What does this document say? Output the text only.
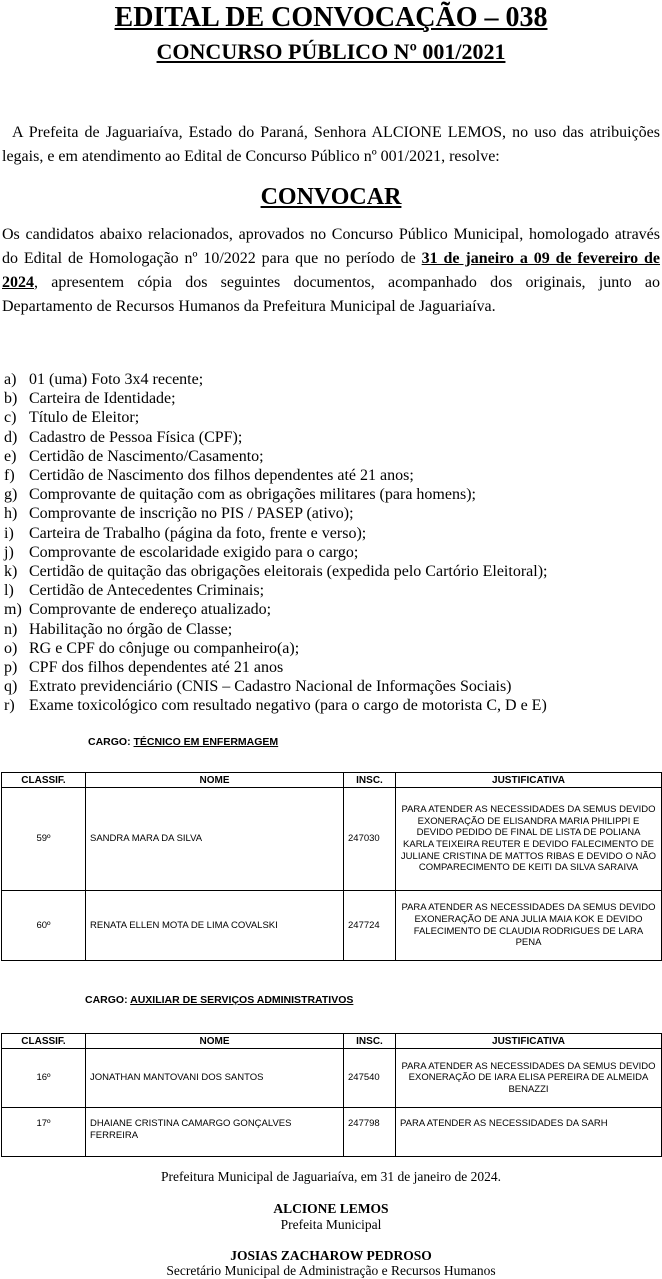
EDITAL DE CONVOCAÇÃO – 038
CONCURSO PÚBLICO Nº 001/2021

A Prefeita de Jaguariaíva, Estado do Paraná, Senhora ALCIONE LEMOS, no uso das atribuições legais, e em atendimento ao Edital de Concurso Público nº 001/2021, resolve:

CONVOCAR

Os candidatos abaixo relacionados, aprovados no Concurso Público Municipal, homologado através do Edital de Homologação nº 10/2022 para que no período de 31 de janeiro a 09 de fevereiro de 2024, apresentem cópia dos seguintes documentos, acompanhado dos originais, junto ao Departamento de Recursos Humanos da Prefeitura Municipal de Jaguariaíva.

a) 01 (uma) Foto 3x4 recente;
b) Carteira de Identidade;
c) Título de Eleitor;
d) Cadastro de Pessoa Física (CPF);
e) Certidão de Nascimento/Casamento;
f) Certidão de Nascimento dos filhos dependentes até 21 anos;
g) Comprovante de quitação com as obrigações militares (para homens);
h) Comprovante de inscrição no PIS / PASEP (ativo);
i) Carteira de Trabalho (página da foto, frente e verso);
j) Comprovante de escolaridade exigido para o cargo;
k) Certidão de quitação das obrigações eleitorais (expedida pelo Cartório Eleitoral);
l) Certidão de Antecedentes Criminais;
m) Comprovante de endereço atualizado;
n) Habilitação no órgão de Classe;
o) RG e CPF do cônjuge ou companheiro(a);
p) CPF dos filhos dependentes até 21 anos
q) Extrato previdenciário (CNIS – Cadastro Nacional de Informações Sociais)
r) Exame toxicológico com resultado negativo (para o cargo de motorista C, D e E)
CARGO: TÉCNICO EM ENFERMAGEM
CLASSIF.	NOME	INSC.	JUSTIFICATIVA
59º	SANDRA MARA DA SILVA	247030	PARA ATENDER AS NECESSIDADES DA SEMUS DEVIDO EXONERAÇÃO DE ELISANDRA MARIA PHILIPPI E DEVIDO PEDIDO DE FINAL DE LISTA DE POLIANA KARLA TEIXEIRA REUTER E DEVIDO FALECIMENTO DE JULIANE CRISTINA DE MATTOS RIBAS E DEVIDO O NÃO COMPARECIMENTO DE KEITI DA SILVA SARAIVA
60º	RENATA ELLEN MOTA DE LIMA COVALSKI	247724	PARA ATENDER AS NECESSIDADES DA SEMUS DEVIDO EXONERAÇÃO DE ANA JULIA MAIA KOK E DEVIDO FALECIMENTO DE CLAUDIA RODRIGUES DE LARA PENA
CARGO: AUXILIAR DE SERVIÇOS ADMINISTRATIVOS
CLASSIF.	NOME	INSC.	JUSTIFICATIVA
16º	JONATHAN MANTOVANI DOS SANTOS	247540	PARA ATENDER AS NECESSIDADES DA SEMUS DEVIDO EXONERAÇÃO DE IARA ELISA PEREIRA DE ALMEIDA BENAZZI
17º	DHAIANE CRISTINA CAMARGO GONÇALVES FERREIRA	247798	PARA ATENDER AS NECESSIDADES DA SARH
Prefeitura Municipal de Jaguariaíva, em 31 de janeiro de 2024.
ALCIONE LEMOS
Prefeita Municipal
JOSIAS ZACHAROW PEDROSO
Secretário Municipal de Administração e Recursos Humanos
